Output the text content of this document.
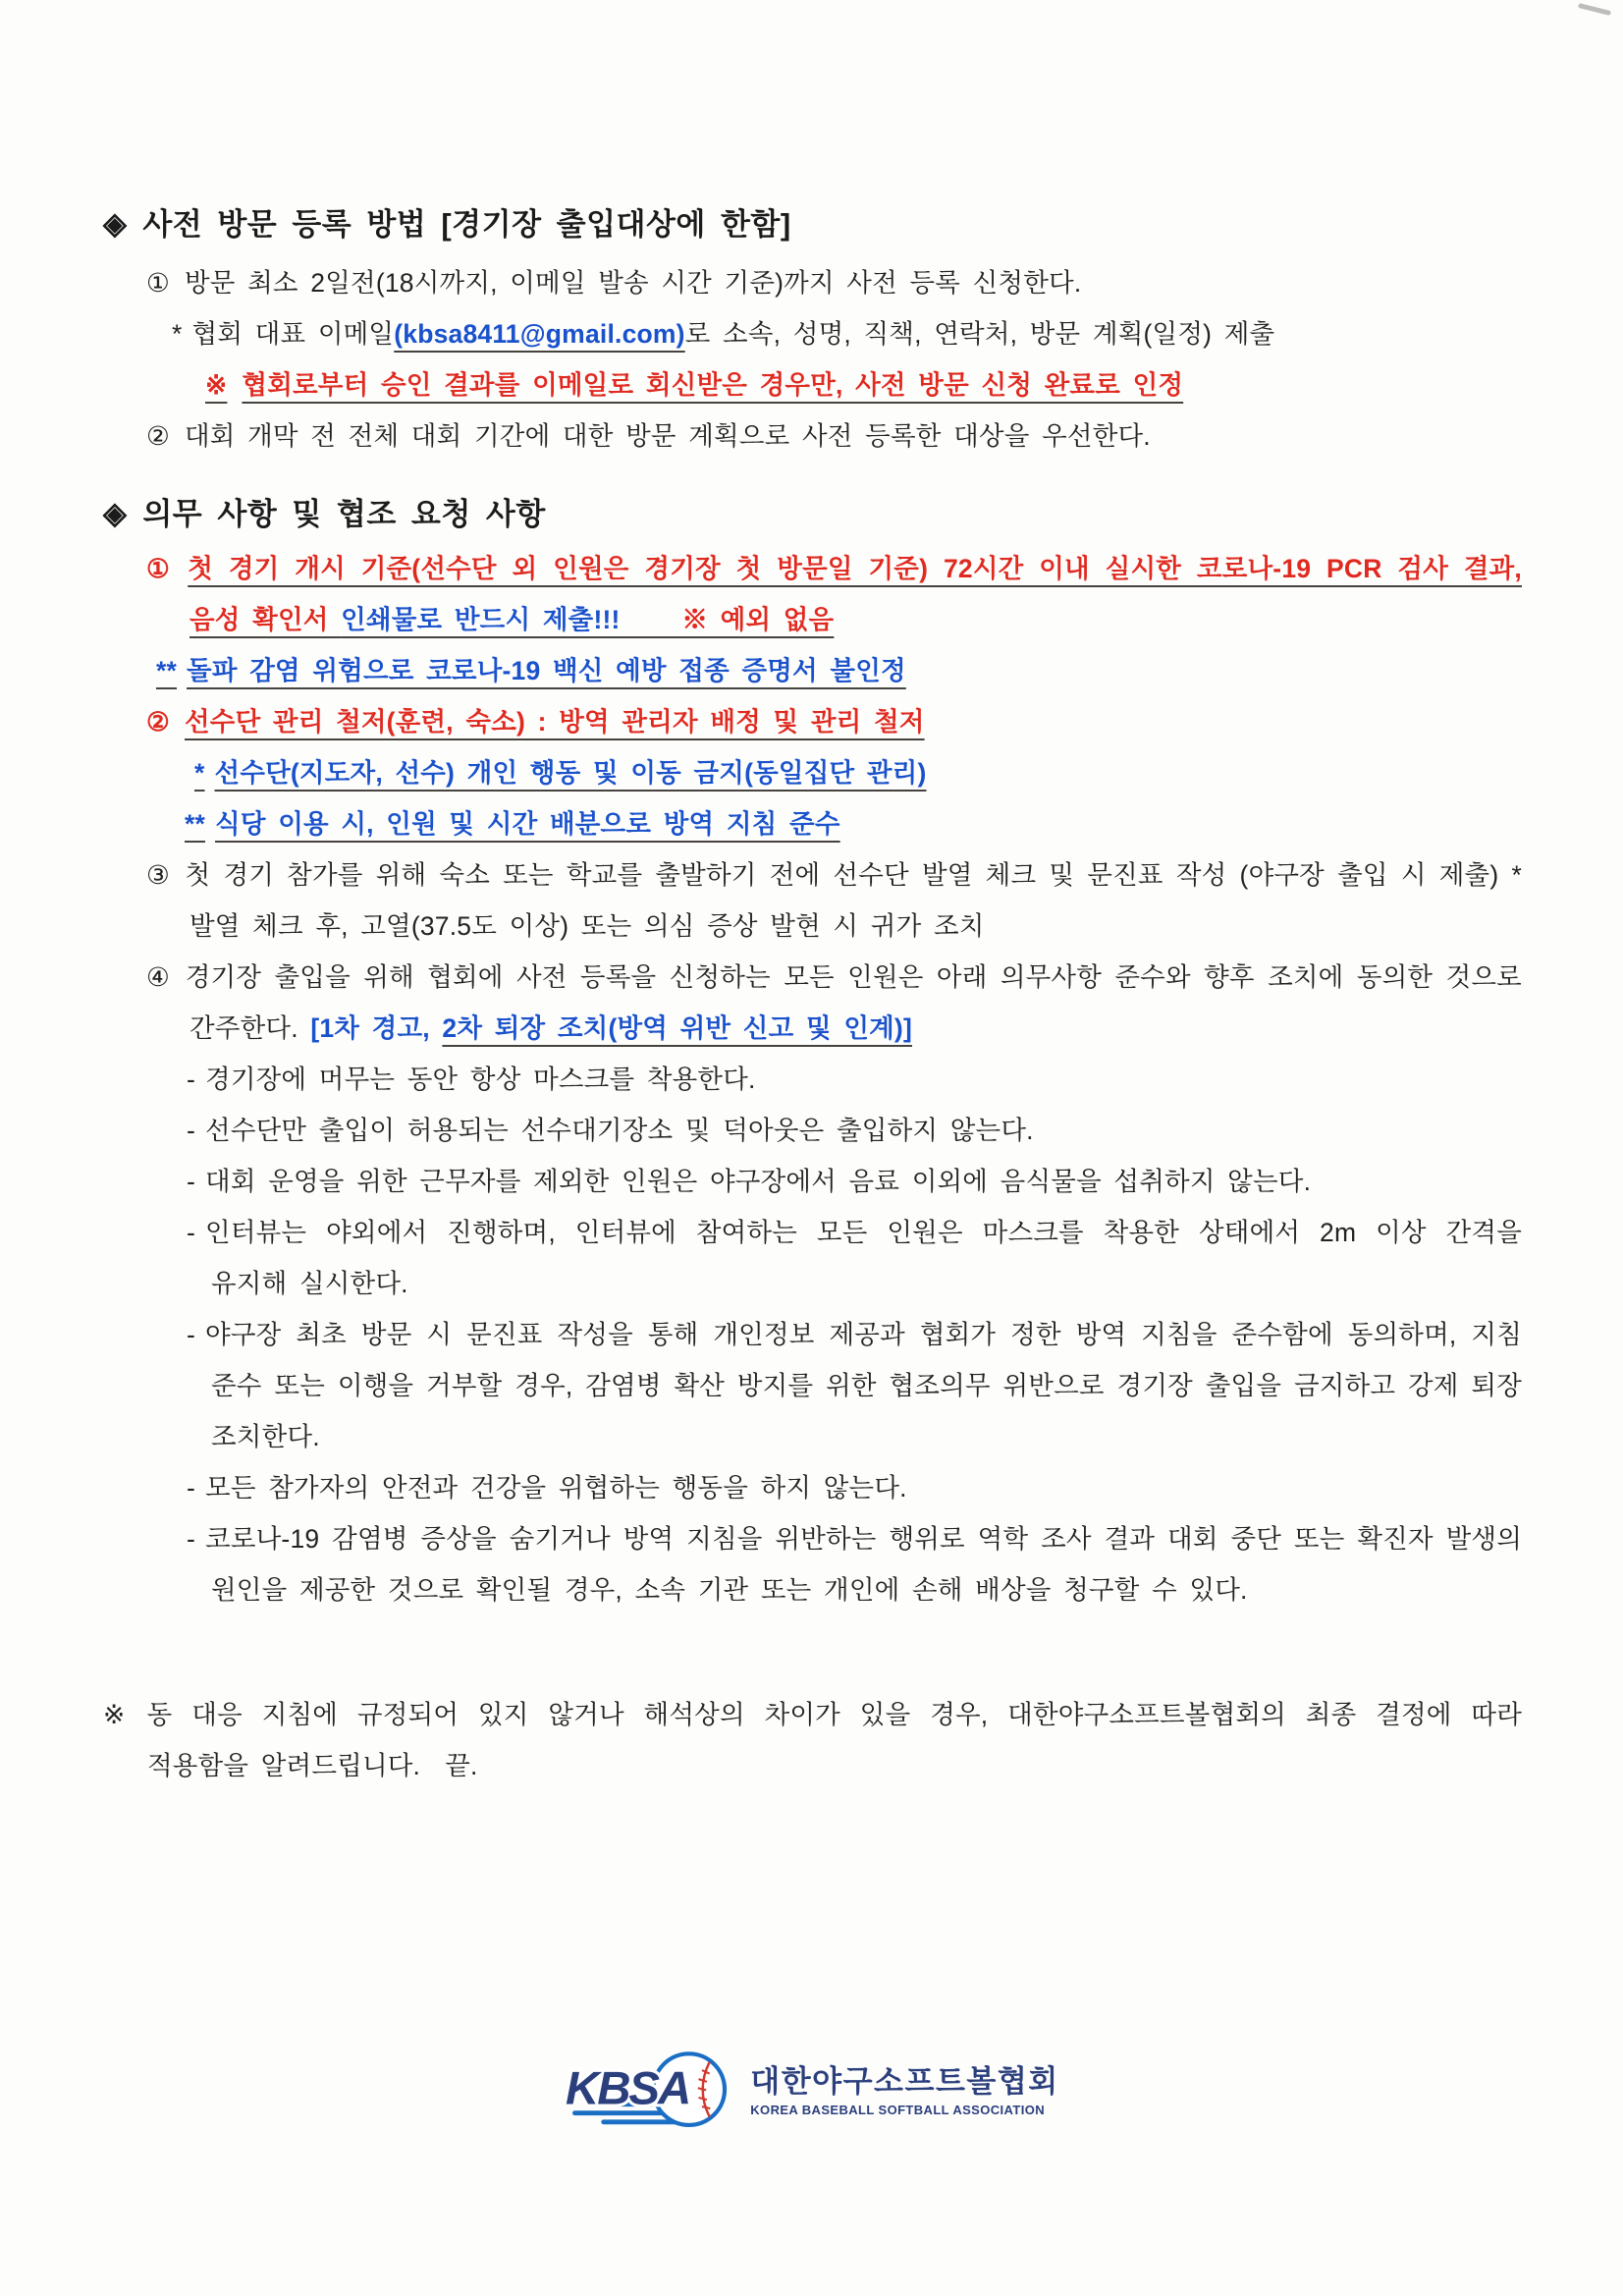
◈ 사전 방문 등록 방법 [경기장 출입대상에 한함]
① 방문 최소 2일전(18시까지, 이메일 발송 시간 기준)까지 사전 등록 신청한다.
* 협회 대표 이메일(kbsa8411@gmail.com)로 소속, 성명, 직책, 연락처, 방문 계획(일정) 제출
※ 협회로부터 승인 결과를 이메일로 회신받은 경우만, 사전 방문 신청 완료로 인정
② 대회 개막 전 전체 대회 기간에 대한 방문 계획으로 사전 등록한 대상을 우선한다.
◈ 의무 사항 및 협조 요청 사항
① 첫 경기 개시 기준(선수단 외 인원은 경기장 첫 방문일 기준) 72시간 이내 실시한 코로나-19 PCR 검사 결과, 음성 확인서 인쇄물로 반드시 제출!!!     ※ 예외 없음
** 돌파 감염 위험으로 코로나-19 백신 예방 접종 증명서 불인정
② 선수단 관리 철저(훈련, 숙소) : 방역 관리자 배정 및 관리 철저
* 선수단(지도자, 선수) 개인 행동 및 이동 금지(동일집단 관리)
** 식당 이용 시, 인원 및 시간 배분으로 방역 지침 준수
③ 첫 경기 참가를 위해 숙소 또는 학교를 출발하기 전에 선수단 발열 체크 및 문진표 작성 (야구장 출입 시 제출) * 발열 체크 후, 고열(37.5도 이상) 또는 의심 증상 발현 시 귀가 조치
④ 경기장 출입을 위해 협회에 사전 등록을 신청하는 모든 인원은 아래 의무사항 준수와 향후 조치에 동의한 것으로 간주한다. [1차 경고, 2차 퇴장 조치(방역 위반 신고 및 인계)]
- 경기장에 머무는 동안 항상 마스크를 착용한다.
- 선수단만 출입이 허용되는 선수대기장소 및 덕아웃은 출입하지 않는다.
- 대회 운영을 위한 근무자를 제외한 인원은 야구장에서 음료 이외에 음식물을 섭취하지 않는다.
- 인터뷰는 야외에서 진행하며, 인터뷰에 참여하는 모든 인원은 마스크를 착용한 상태에서 2m 이상 간격을 유지해 실시한다.
- 야구장 최초 방문 시 문진표 작성을 통해 개인정보 제공과 협회가 정한 방역 지침을 준수함에 동의하며, 지침 준수 또는 이행을 거부할 경우, 감염병 확산 방지를 위한 협조의무 위반으로 경기장 출입을 금지하고 강제 퇴장 조치한다.
- 모든 참가자의 안전과 건강을 위협하는 행동을 하지 않는다.
- 코로나-19 감염병 증상을 숨기거나 방역 지침을 위반하는 행위로 역학 조사 결과 대회 중단 또는 확진자 발생의 원인을 제공한 것으로 확인될 경우, 소속 기관 또는 개인에 손해 배상을 청구할 수 있다.
※ 동 대응 지침에 규정되어 있지 않거나 해석상의 차이가 있을 경우, 대한야구소프트볼협회의 최종 결정에 따라 적용함을 알려드립니다.  끝.
KBSA 대한야구소프트볼협회
KOREA BASEBALL SOFTBALL ASSOCIATION
